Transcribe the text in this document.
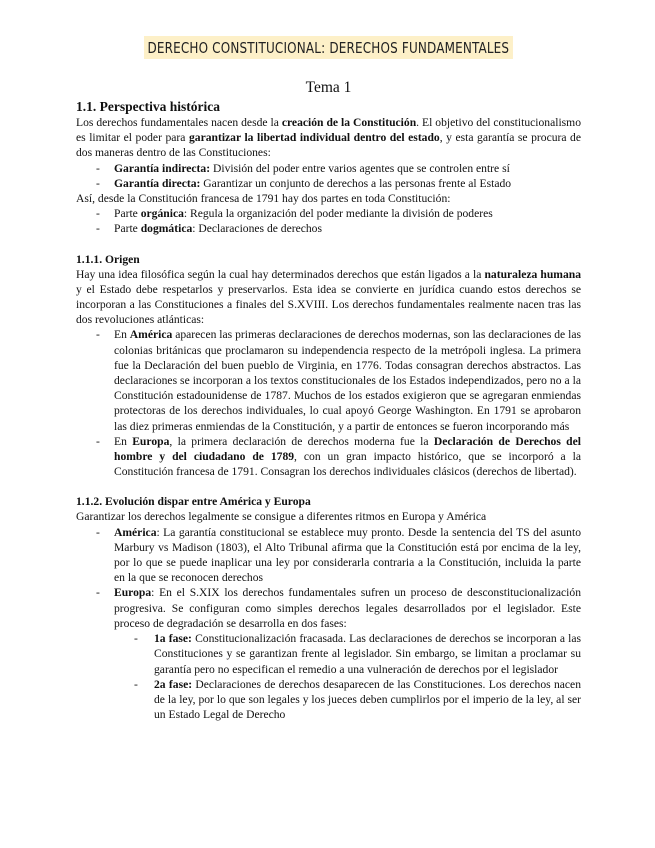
DERECHO CONSTITUCIONAL: DERECHOS FUNDAMENTALES
Tema 1
1.1. Perspectiva histórica

Los derechos fundamentales nacen desde la creación de la Constitución. El objetivo del constitucionalismo es limitar el poder para garantizar la libertad individual dentro del estado, y esta garantía se procura de dos maneras dentro de las Constituciones:

- Garantía indirecta: División del poder entre varios agentes que se controlen entre sí
- Garantía directa: Garantizar un conjunto de derechos a las personas frente al Estado

Así, desde la Constitución francesa de 1791 hay dos partes en toda Constitución:

- Parte orgánica: Regula la organización del poder mediante la división de poderes
- Parte dogmática: Declaraciones de derechos
1.1.1. Origen

Hay una idea filosófica según la cual hay determinados derechos que están ligados a la naturaleza humana y el Estado debe respetarlos y preservarlos. Esta idea se convierte en jurídica cuando estos derechos se incorporan a las Constituciones a finales del S.XVIII. Los derechos fundamentales realmente nacen tras las dos revoluciones atlánticas:

- En América aparecen las primeras declaraciones de derechos modernas, son las declaraciones de las colonias británicas que proclamaron su independencia respecto de la metrópoli inglesa. La primera fue la Declaración del buen pueblo de Virginia, en 1776. Todas consagran derechos abstractos. Las declaraciones se incorporan a los textos constitucionales de los Estados independizados, pero no a la Constitución estadounidense de 1787. Muchos de los estados exigieron que se agregaran enmiendas protectoras de los derechos individuales, lo cual apoyó George Washington. En 1791 se aprobaron las diez primeras enmiendas de la Constitución, y a partir de entonces se fueron incorporando más
- En Europa, la primera declaración de derechos moderna fue la Declaración de Derechos del hombre y del ciudadano de 1789, con un gran impacto histórico, que se incorporó a la Constitución francesa de 1791. Consagran los derechos individuales clásicos (derechos de libertad).
1.1.2. Evolución dispar entre América y Europa

Garantizar los derechos legalmente se consigue a diferentes ritmos en Europa y América

- América: La garantía constitucional se establece muy pronto. Desde la sentencia del TS del asunto Marbury vs Madison (1803), el Alto Tribunal afirma que la Constitución está por encima de la ley, por lo que se puede inaplicar una ley por considerarla contraria a la Constitución, incluida la parte en la que se reconocen derechos
- Europa: En el S.XIX los derechos fundamentales sufren un proceso de desconstitucionalización progresiva. Se configuran como simples derechos legales desarrollados por el legislador. Este proceso de degradación se desarrolla en dos fases:
- 1a fase: Constitucionalización fracasada. Las declaraciones de derechos se incorporan a las Constituciones y se garantizan frente al legislador. Sin embargo, se limitan a proclamar su garantía pero no especifican el remedio a una vulneración de derechos por el legislador
- 2a fase: Declaraciones de derechos desaparecen de las Constituciones. Los derechos nacen de la ley, por lo que son legales y los jueces deben cumplirlos por el imperio de la ley, al ser un Estado Legal de Derecho
